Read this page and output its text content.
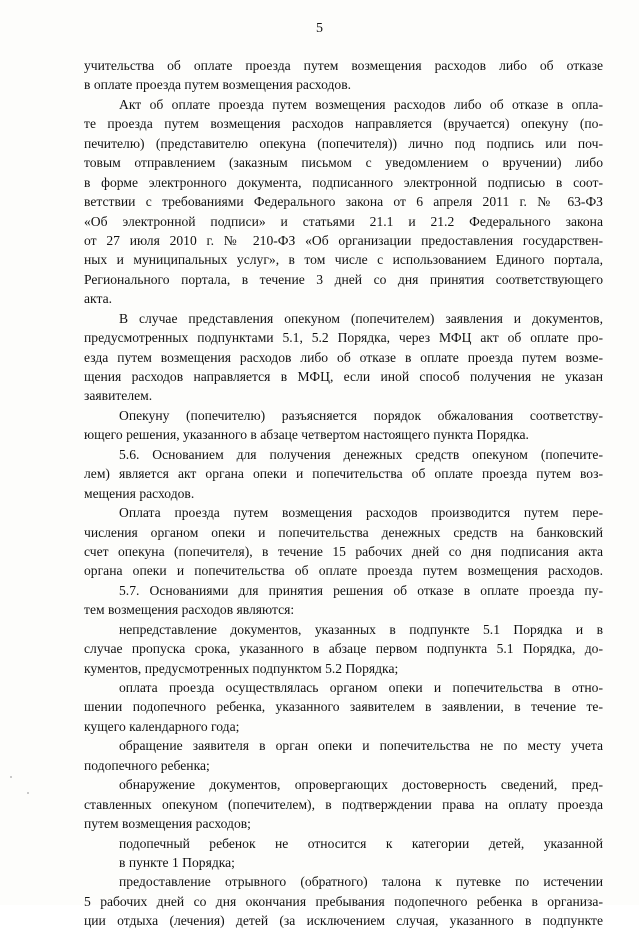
5
учительства об оплате проезда путем возмещения расходов либо об отказе
в оплате проезда путем возмещения расходов.
Акт об оплате проезда путем возмещения расходов либо об отказе в опла-
те проезда путем возмещения расходов направляется (вручается) опекуну (по-
печителю) (представителю опекуна (попечителя)) лично под подпись или поч-
товым отправлением (заказным письмом с уведомлением о вручении) либо
в форме электронного документа, подписанного электронной подписью в соот-
ветствии с требованиями Федерального закона от 6 апреля 2011 г. № 63-ФЗ
«Об электронной подписи» и статьями 21.1 и 21.2 Федерального закона
от 27 июля 2010 г. № 210-ФЗ «Об организации предоставления государствен-
ных и муниципальных услуг», в том числе с использованием Единого портала,
Регионального портала, в течение 3 дней со дня принятия соответствующего
акта.
В случае представления опекуном (попечителем) заявления и документов,
предусмотренных подпунктами 5.1, 5.2 Порядка, через МФЦ акт об оплате про-
езда путем возмещения расходов либо об отказе в оплате проезда путем возме-
щения расходов направляется в МФЦ, если иной способ получения не указан
заявителем.
Опекуну (попечителю) разъясняется порядок обжалования соответству-
ющего решения, указанного в абзаце четвертом настоящего пункта Порядка.
5.6. Основанием для получения денежных средств опекуном (попечите-
лем) является акт органа опеки и попечительства об оплате проезда путем воз-
мещения расходов.
Оплата проезда путем возмещения расходов производится путем пере-
числения органом опеки и попечительства денежных средств на банковский
счет опекуна (попечителя), в течение 15 рабочих дней со дня подписания акта
органа опеки и попечительства об оплате проезда путем возмещения расходов.
5.7. Основаниями для принятия решения об отказе в оплате проезда пу-
тем возмещения расходов являются:
непредставление документов, указанных в подпункте 5.1 Порядка и в
случае пропуска срока, указанного в абзаце первом подпункта 5.1 Порядка, до-
кументов, предусмотренных подпунктом 5.2 Порядка;
оплата проезда осуществлялась органом опеки и попечительства в отно-
шении подопечного ребенка, указанного заявителем в заявлении, в течение те-
кущего календарного года;
обращение заявителя в орган опеки и попечительства не по месту учета
подопечного ребенка;
обнаружение документов, опровергающих достоверность сведений, пред-
ставленных опекуном (попечителем), в подтверждении права на оплату проезда
путем возмещения расходов;
подопечный ребенок не относится к категории детей, указанной
в пункте 1 Порядка;
предоставление отрывного (обратного) талона к путевке по истечении
5 рабочих дней со дня окончания пребывания подопечного ребенка в организа-
ции отдыха (лечения) детей (за исключением случая, указанного в подпункте
